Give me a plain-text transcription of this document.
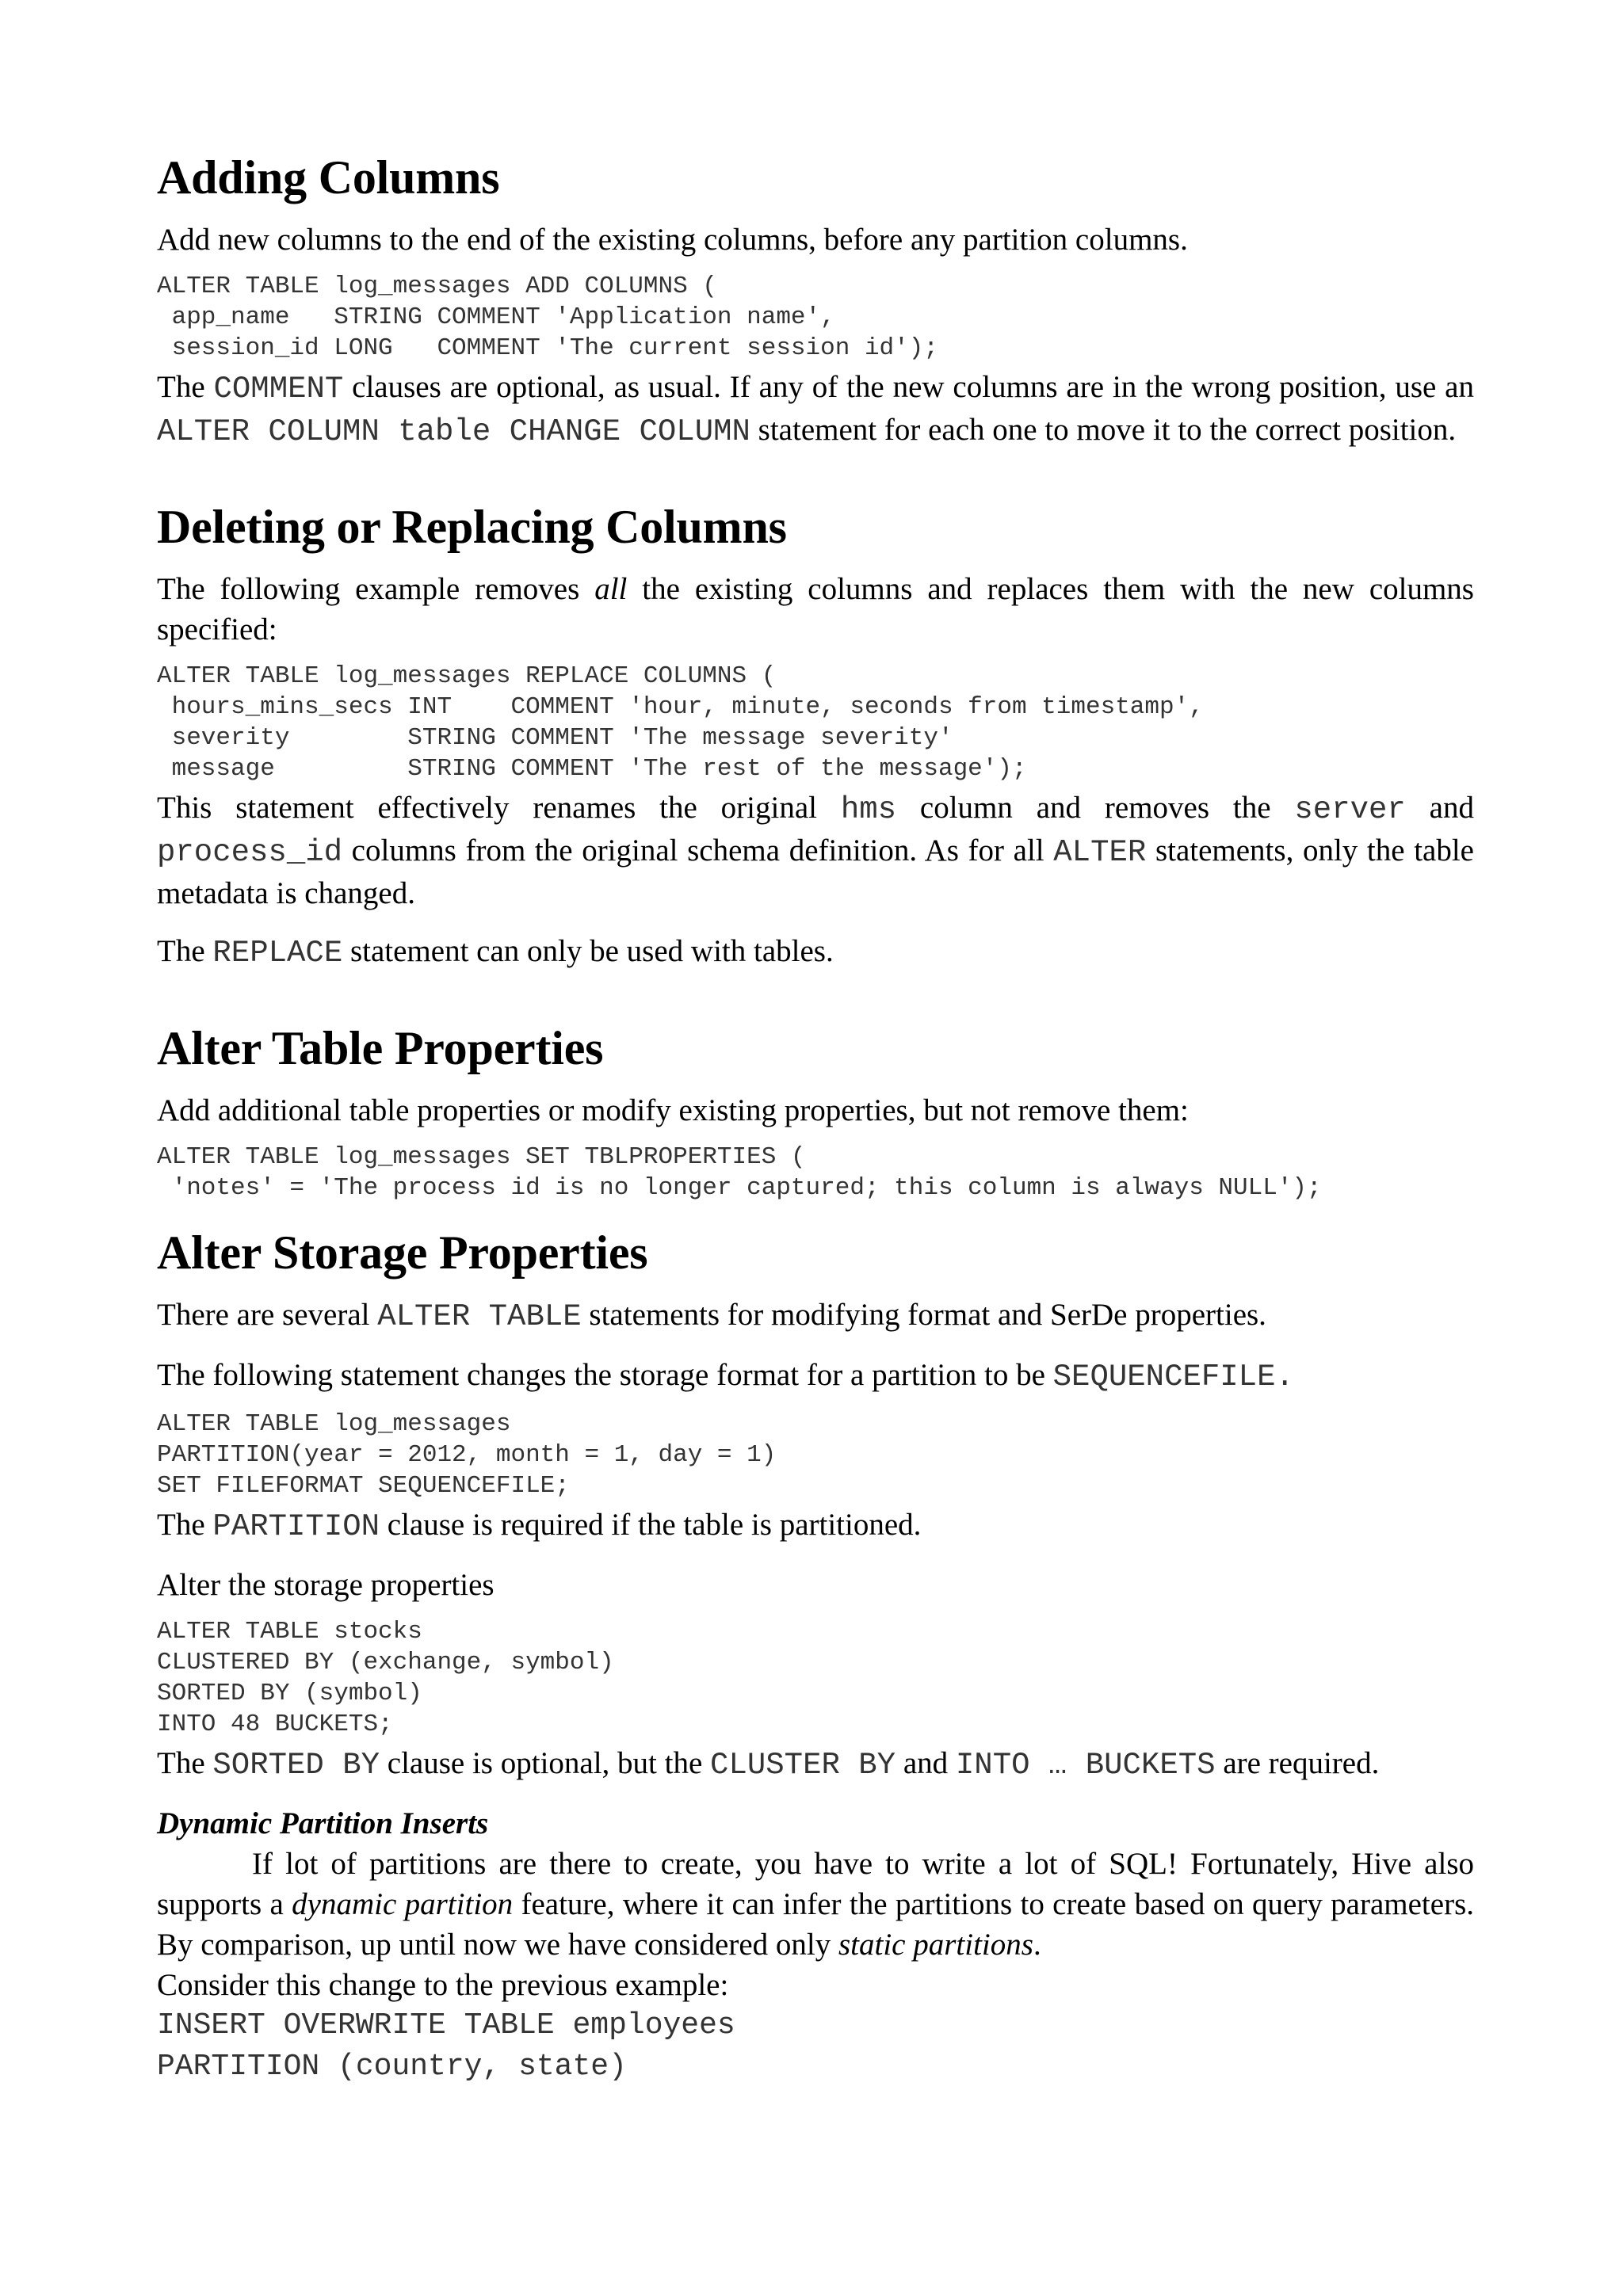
Adding Columns

Add new columns to the end of the existing columns, before any partition columns.

ALTER TABLE log_messages ADD COLUMNS (
app_name   STRING COMMENT 'Application name',
session_id LONG   COMMENT 'The current session id');

The COMMENT clauses are optional, as usual. If any of the new columns are in the wrong position, use an ALTER COLUMN table CHANGE COLUMN statement for each one to move it to the correct position.

Deleting or Replacing Columns

The following example removes all the existing columns and replaces them with the new columns specified:

ALTER TABLE log_messages REPLACE COLUMNS (
hours_mins_secs INT    COMMENT 'hour, minute, seconds from timestamp',
severity        STRING COMMENT 'The message severity'
message         STRING COMMENT 'The rest of the message');

This statement effectively renames the original hms column and removes the server and process_id columns from the original schema definition. As for all ALTER statements, only the table metadata is changed.

The REPLACE statement can only be used with tables.

Alter Table Properties

Add additional table properties or modify existing properties, but not remove them:

ALTER TABLE log_messages SET TBLPROPERTIES (
'notes' = 'The process id is no longer captured; this column is always NULL');
Alter Storage Properties

There are several ALTER TABLE statements for modifying format and SerDe properties.

The following statement changes the storage format for a partition to be SEQUENCEFILE.

ALTER TABLE log_messages
PARTITION(year = 2012, month = 1, day = 1)
SET FILEFORMAT SEQUENCEFILE;

The PARTITION clause is required if the table is partitioned.

Alter the storage properties

ALTER TABLE stocks
CLUSTERED BY (exchange, symbol)
SORTED BY (symbol)
INTO 48 BUCKETS;

The SORTED BY clause is optional, but the CLUSTER BY and INTO … BUCKETS are required.

Dynamic Partition Inserts

If lot of partitions are there to create, you have to write a lot of SQL! Fortunately, Hive also supports a dynamic partition feature, where it can infer the partitions to create based on query parameters. By comparison, up until now we have considered only static partitions.

Consider this change to the previous example:

INSERT OVERWRITE TABLE employees
PARTITION (country, state)
